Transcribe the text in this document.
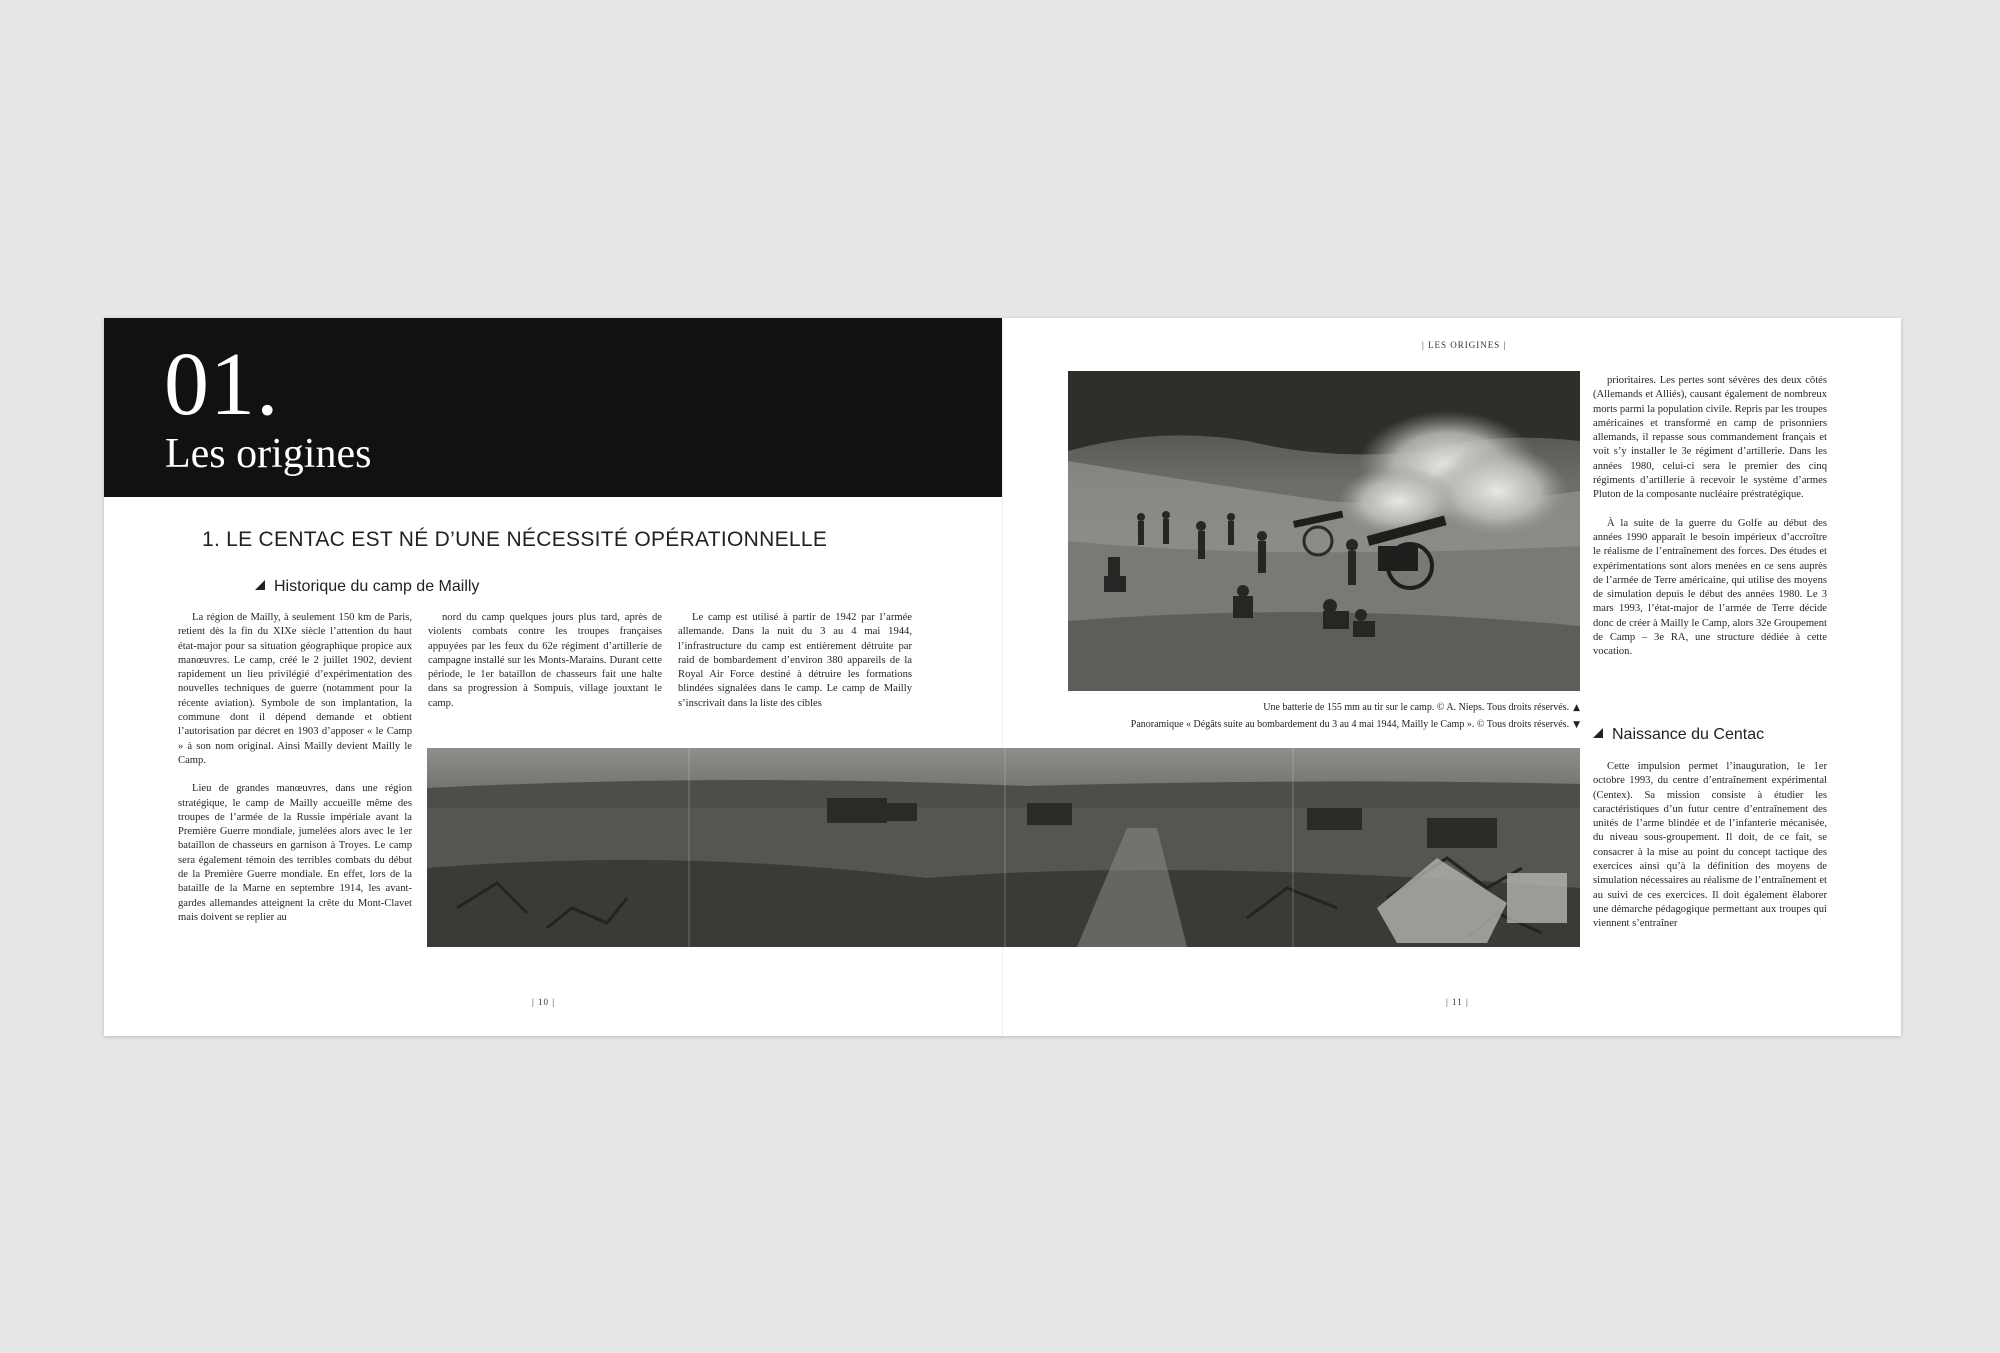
01.
Les origines
1. LE CENTAC EST NÉ D’UNE NÉCESSITÉ OPÉRATIONNELLE
Historique du camp de Mailly

La région de Mailly, à seulement 150 km de Paris, retient dès la fin du XIXe siècle l’attention du haut état-major pour sa situation géographique propice aux manœuvres. Le camp, créé le 2 juillet 1902, devient rapidement un lieu privilégié d’expérimentation des nouvelles techniques de guerre (notamment pour la récente aviation). Symbole de son implantation, la commune dont il dépend demande et obtient l’autorisation par décret en 1903 d’apposer « le Camp » à son nom original. Ainsi Mailly devient Mailly le Camp.

Lieu de grandes manœuvres, dans une région stratégique, le camp de Mailly accueille même des troupes de l’armée de la Russie impériale avant la Première Guerre mondiale, jumelées alors avec le 1er bataillon de chasseurs en garnison à Troyes. Le camp sera également témoin des terribles combats du début de la Première Guerre mondiale. En effet, lors de la bataille de la Marne en septembre 1914, les avant-gardes allemandes atteignent la crête du Mont-Clavet mais doivent se replier au

nord du camp quelques jours plus tard, après de violents combats contre les troupes françaises appuyées par les feux du 62e régiment d’artillerie de campagne installé sur les Monts-Marains. Durant cette période, le 1er bataillon de chasseurs fait une halte dans sa progression à Sompuis, village jouxtant le camp.

Le camp est utilisé à partir de 1942 par l’armée allemande. Dans la nuit du 3 au 4 mai 1944, l’infrastructure du camp est entièrement détruite par raid de bombardement d’environ 380 appareils de la Royal Air Force destiné à détruire les formations blindées signalées dans le camp. Le camp de Mailly s’inscrivait dans la liste des cibles

| 10 |
| LES ORIGINES |
Une batterie de 155 mm au tir sur le camp. © A. Nieps. Tous droits réservés. ▲
Panoramique « Dégâts suite au bombardement du 3 au 4 mai 1944, Mailly le Camp ». © Tous droits réservés. ▼

prioritaires. Les pertes sont sévères des deux côtés (Allemands et Alliés), causant également de nombreux morts parmi la population civile. Repris par les troupes américaines et transformé en camp de prisonniers allemands, il repasse sous commandement français et voit s’y installer le 3e régiment d’artillerie. Dans les années 1980, celui-ci sera le premier des cinq régiments d’artillerie à recevoir le système d’armes Pluton de la composante nucléaire préstratégique.

À la suite de la guerre du Golfe au début des années 1990 apparaît le besoin impérieux d’accroître le réalisme de l’entraînement des forces. Des études et expérimentations sont alors menées en ce sens auprès de l’armée de Terre américaine, qui utilise des moyens de simulation depuis le début des années 1980. Le 3 mars 1993, l’état-major de l’armée de Terre décide donc de créer à Mailly le Camp, alors 32e Groupement de Camp – 3e RA, une structure dédiée à cette vocation.

Naissance du Centac

Cette impulsion permet l’inauguration, le 1er octobre 1993, du centre d’entraînement expérimental (Centex). Sa mission consiste à étudier les caractéristiques d’un futur centre d’entraînement des unités de l’arme blindée et de l’infanterie mécanisée, du niveau sous-groupement. Il doit, de ce fait, se consacrer à la mise au point du concept tactique des exercices ainsi qu’à la définition des moyens de simulation nécessaires au réalisme de l’entraînement et au suivi de ces exercices. Il doit également élaborer une démarche pédagogique permettant aux troupes qui viennent s’entraîner

| 11 |
